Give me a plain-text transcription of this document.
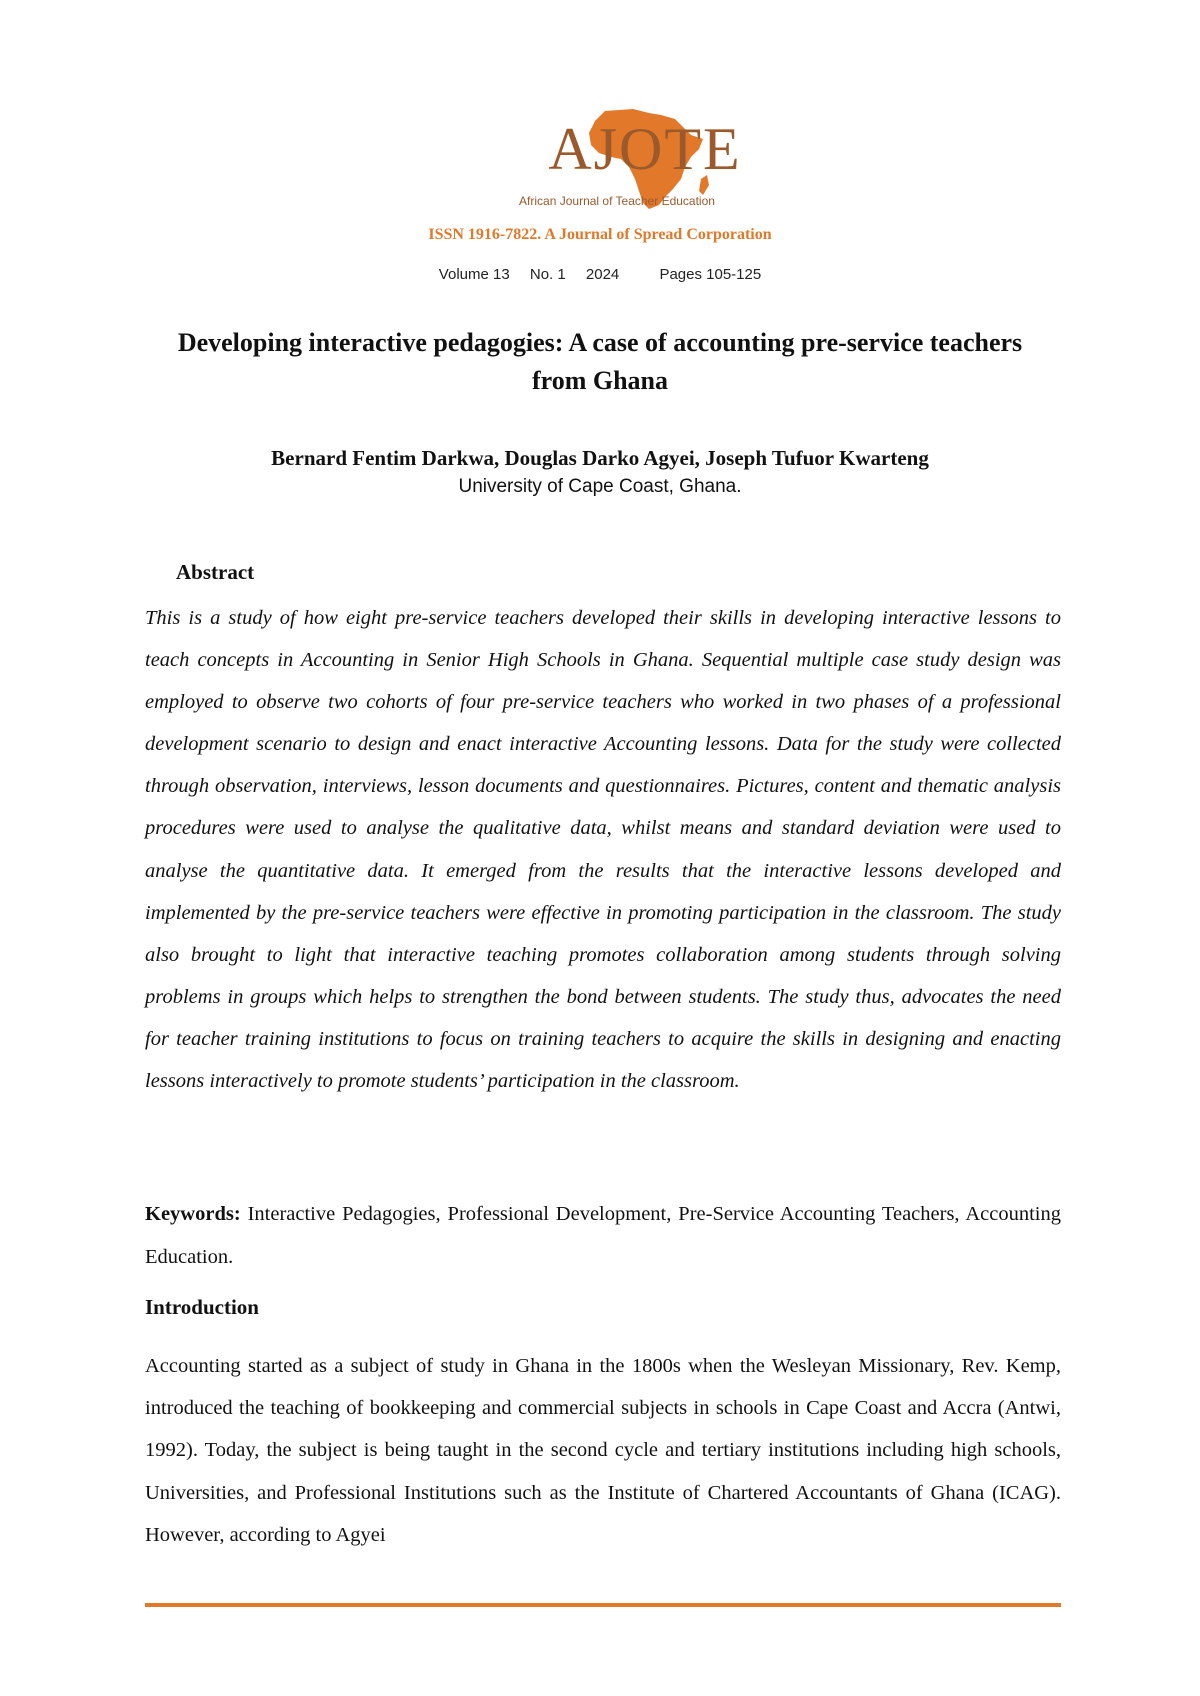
AJOTE
African Journal of Teacher Education
ISSN 1916-7822. A Journal of Spread Corporation
Volume 13 No. 1 2024	Pages 105-125
Developing interactive pedagogies: A case of accounting pre-service teachers from Ghana
Bernard Fentim Darkwa, Douglas Darko Agyei, Joseph Tufuor Kwarteng
University of Cape Coast, Ghana.
Abstract

This is a study of how eight pre-service teachers developed their skills in developing interactive lessons to teach concepts in Accounting in Senior High Schools in Ghana. Sequential multiple case study design was employed to observe two cohorts of four pre-service teachers who worked in two phases of a professional development scenario to design and enact interactive Accounting lessons. Data for the study were collected through observation, interviews, lesson documents and questionnaires. Pictures, content and thematic analysis procedures were used to analyse the qualitative data, whilst means and standard deviation were used to analyse the quantitative data. It emerged from the results that the interactive lessons developed and implemented by the pre-service teachers were effective in promoting participation in the classroom. The study also brought to light that interactive teaching promotes collaboration among students through solving problems in groups which helps to strengthen the bond between students. The study thus, advocates the need for teacher training institutions to focus on training teachers to acquire the skills in designing and enacting lessons interactively to promote students’ participation in the classroom.

Keywords: Interactive Pedagogies, Professional Development, Pre-Service Accounting Teachers, Accounting Education.

Introduction

Accounting started as a subject of study in Ghana in the 1800s when the Wesleyan Missionary, Rev. Kemp, introduced the teaching of bookkeeping and commercial subjects in schools in Cape Coast and Accra (Antwi, 1992). Today, the subject is being taught in the second cycle and tertiary institutions including high schools, Universities, and Professional Institutions such as the Institute of Chartered Accountants of Ghana (ICAG). However, according to Agyei
